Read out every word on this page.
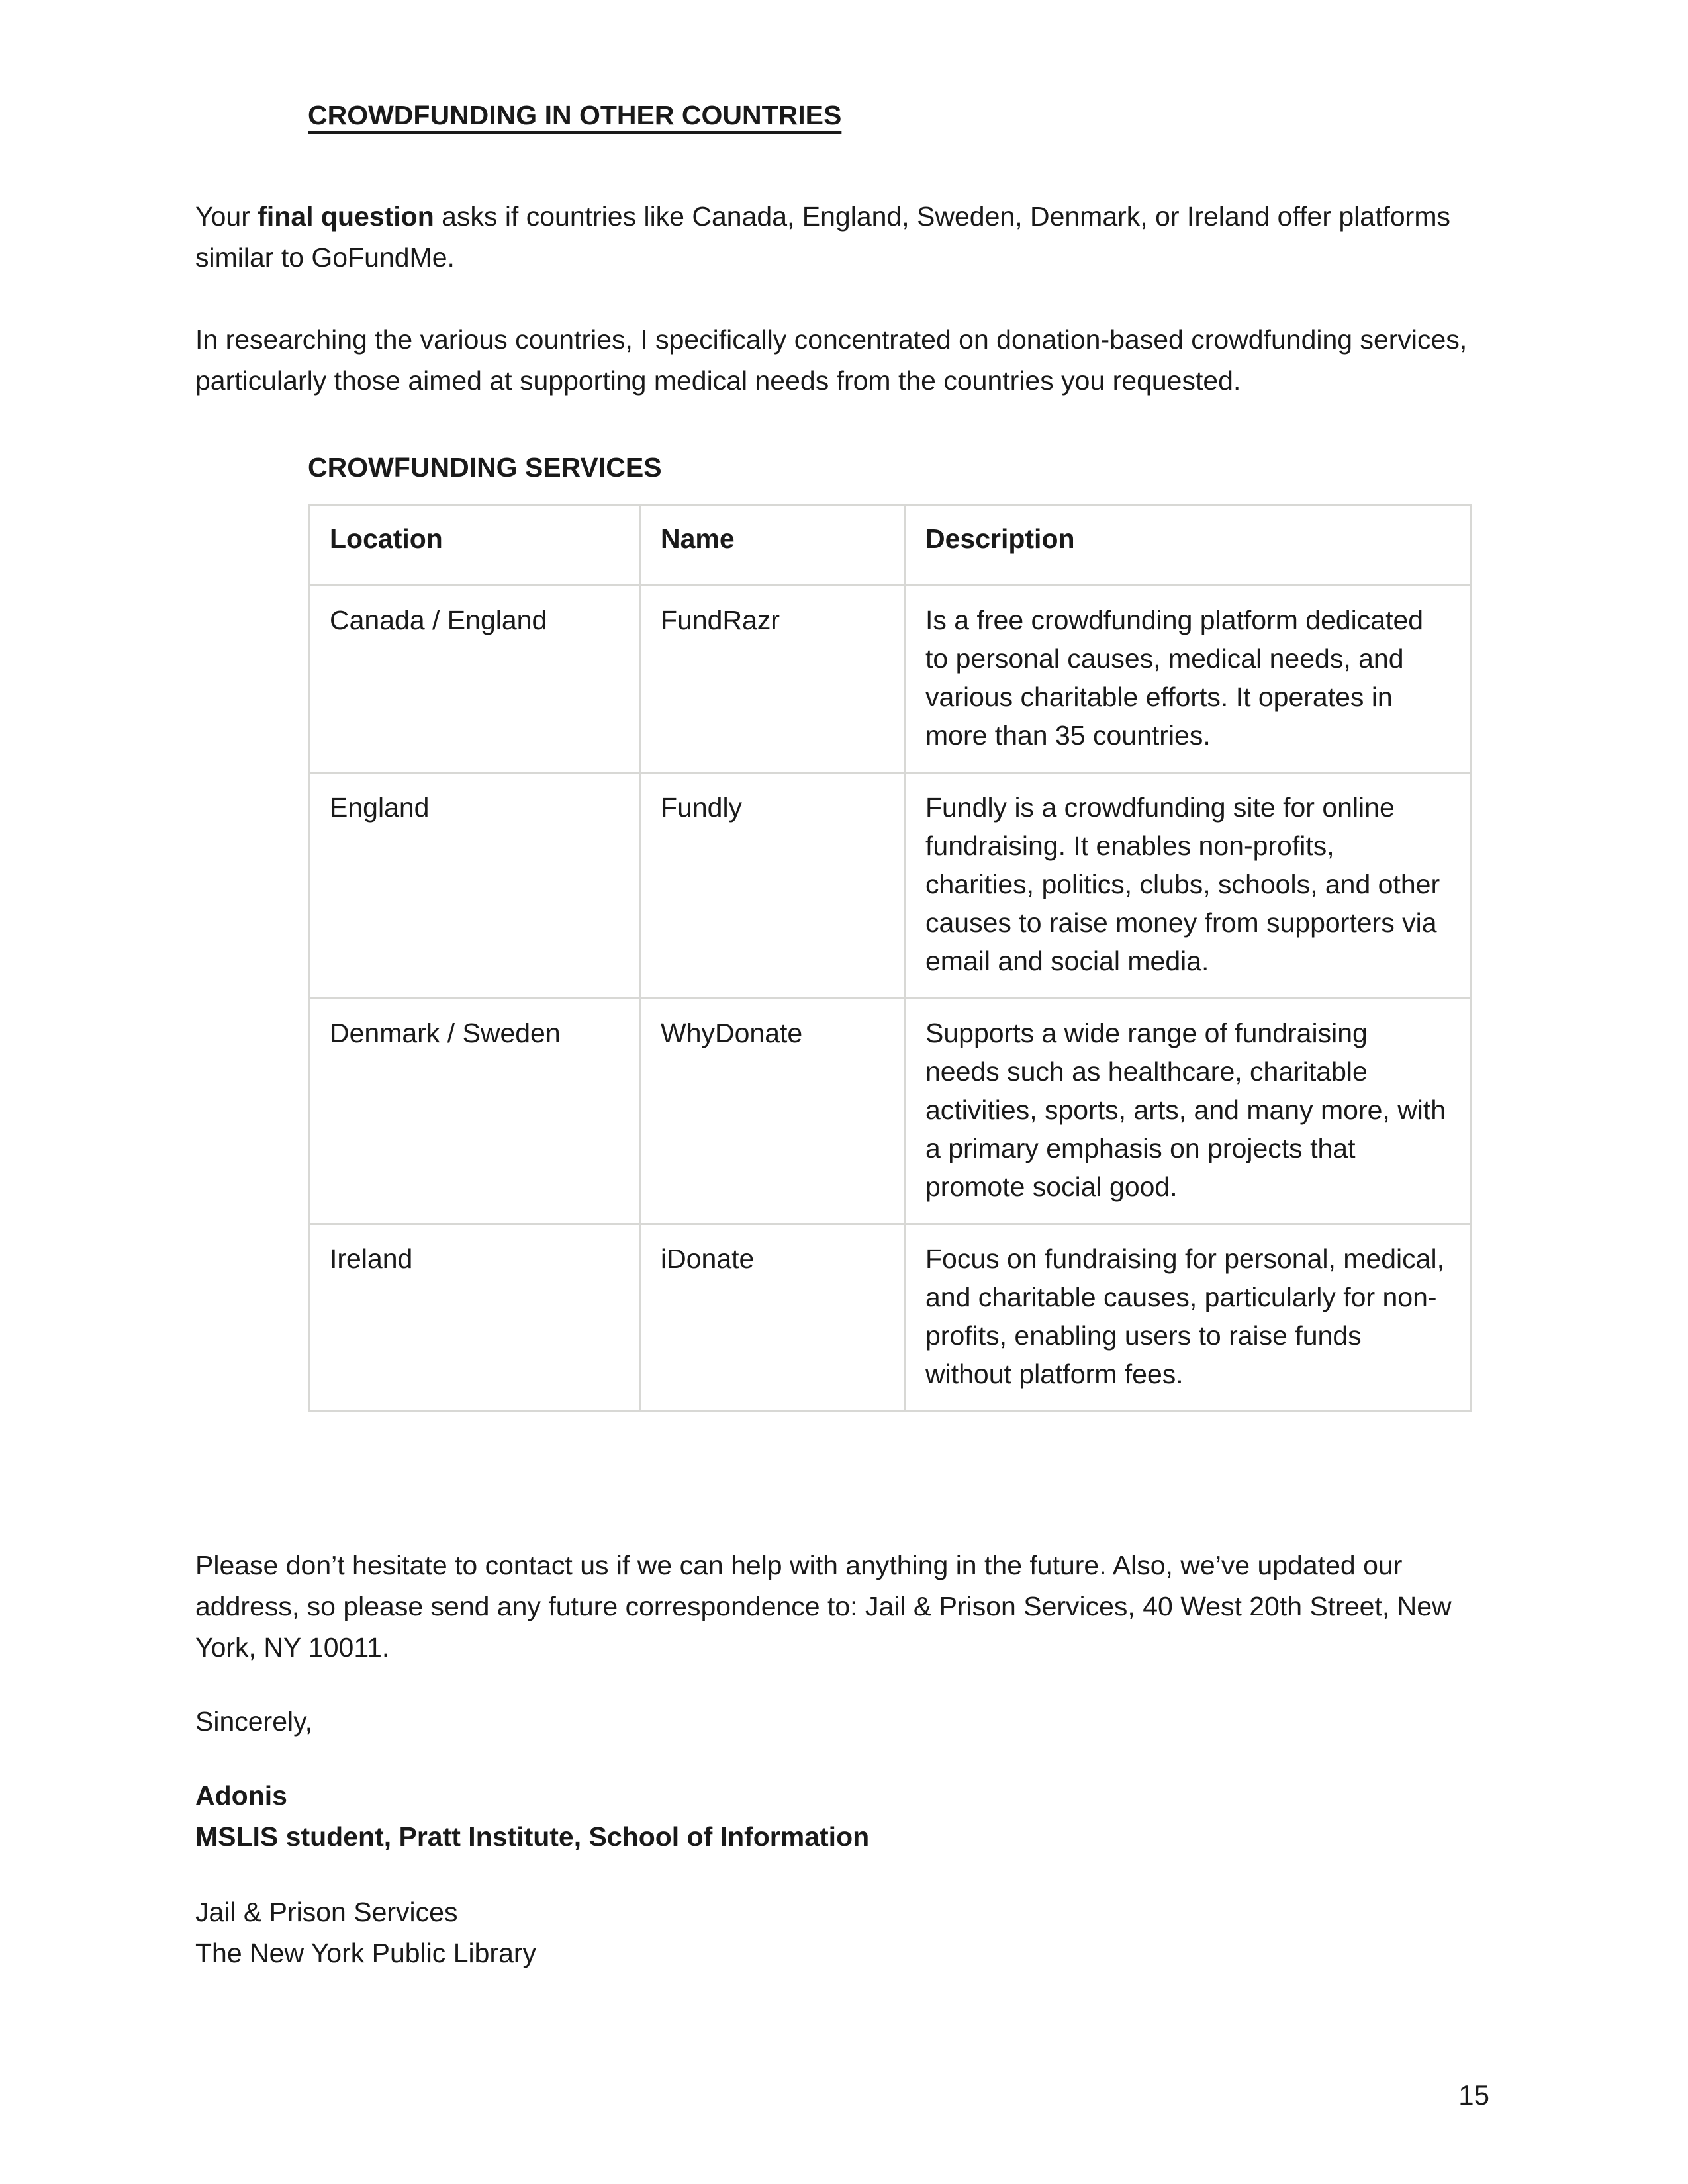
CROWDFUNDING IN OTHER COUNTRIES

Your final question asks if countries like Canada, England, Sweden, Denmark, or Ireland offer platforms similar to GoFundMe.

In researching the various countries, I specifically concentrated on donation-based crowdfunding services, particularly those aimed at supporting medical needs from the countries you requested.

CROWFUNDING SERVICES
Location	Name	Description
Canada / England	FundRazr	Is a free crowdfunding platform dedicated to personal causes, medical needs, and various charitable efforts. It operates in more than 35 countries.
England	Fundly	Fundly is a crowdfunding site for online fundraising. It enables non-profits, charities, politics, clubs, schools, and other causes to raise money from supporters via email and social media.
Denmark / Sweden	WhyDonate	Supports a wide range of fundraising needs such as healthcare, charitable activities, sports, arts, and many more, with a primary emphasis on projects that promote social good.
Ireland	iDonate	Focus on fundraising for personal, medical, and charitable causes, particularly for non-profits, enabling users to raise funds without platform fees.

Please don’t hesitate to contact us if we can help with anything in the future. Also, we’ve updated our address, so please send any future correspondence to: Jail & Prison Services, 40 West 20th Street, New York, NY 10011.

Sincerely,

Adonis
MSLIS student, Pratt Institute, School of Information
Jail & Prison Services
The New York Public Library
15
